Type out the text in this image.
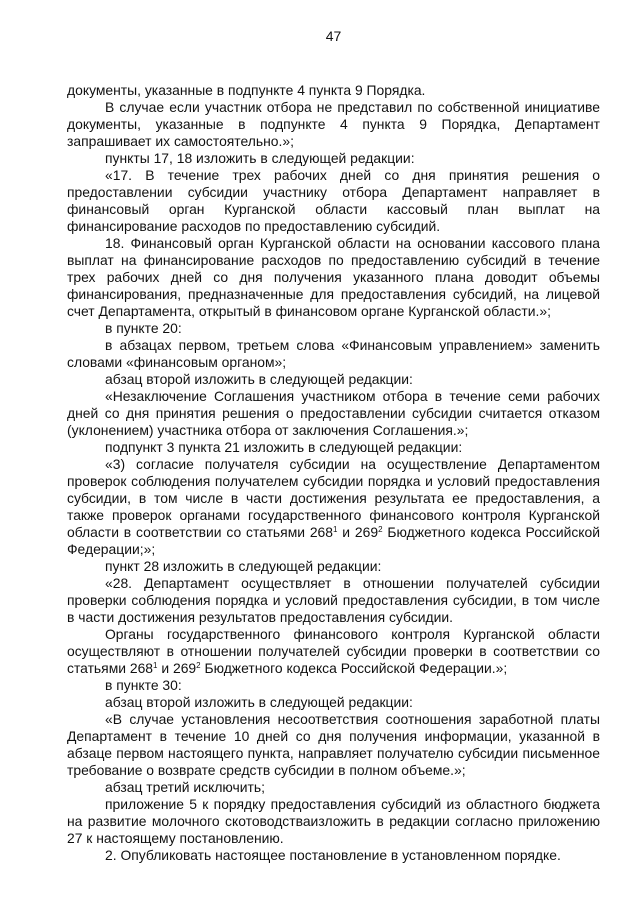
47

документы, указанные в подпункте 4 пункта 9 Порядка.

В случае если участник отбора не представил по собственной инициативе документы, указанные в подпункте 4 пункта 9 Порядка, Департамент запрашивает их самостоятельно.»;

пункты 17, 18 изложить в следующей редакции:

«17. В течение трех рабочих дней со дня принятия решения о предоставлении субсидии участнику отбора Департамент направляет в финансовый орган Курганской области кассовый план выплат на финансирование расходов по предоставлению субсидий.

18. Финансовый орган Курганской области на основании кассового плана выплат на финансирование расходов по предоставлению субсидий в течение трех рабочих дней со дня получения указанного плана доводит объемы финансирования, предназначенные для предоставления субсидий, на лицевой счет Департамента, открытый в финансовом органе Курганской области.»;

в пункте 20:

в абзацах первом, третьем слова «Финансовым управлением» заменить словами «финансовым органом»;

абзац второй изложить в следующей редакции:

«Незаключение Соглашения участником отбора в течение семи рабочих дней со дня принятия решения о предоставлении субсидии считается отказом (уклонением) участника отбора от заключения Соглашения.»;

подпункт 3 пункта 21 изложить в следующей редакции:

«3) согласие получателя субсидии на осуществление Департаментом проверок соблюдения получателем субсидии порядка и условий предоставления субсидии, в том числе в части достижения результата ее предоставления, а также проверок органами государственного финансового контроля Курганской области в соответствии со статьями $268^1$ и $269^2$ Бюджетного кодекса Российской Федерации;»;

пункт 28 изложить в следующей редакции:

«28. Департамент осуществляет в отношении получателей субсидии проверки соблюдения порядка и условий предоставления субсидии, в том числе в части достижения результатов предоставления субсидии.

Органы государственного финансового контроля Курганской области осуществляют в отношении получателей субсидии проверки в соответствии со статьями $268^1$ и $269^2$ Бюджетного кодекса Российской Федерации.»;

в пункте 30:

абзац второй изложить в следующей редакции:

«В случае установления несоответствия соотношения заработной платы Департамент в течение 10 дней со дня получения информации, указанной в абзаце первом настоящего пункта, направляет получателю субсидии письменное требование о возврате средств субсидии в полном объеме.»;

абзац третий исключить;

приложение 5 к порядку предоставления субсидий из областного бюджета на развитие молочного скотоводстваизложить в редакции согласно приложению 27 к настоящему постановлению.

2. Опубликовать настоящее постановление в установленном порядке.
